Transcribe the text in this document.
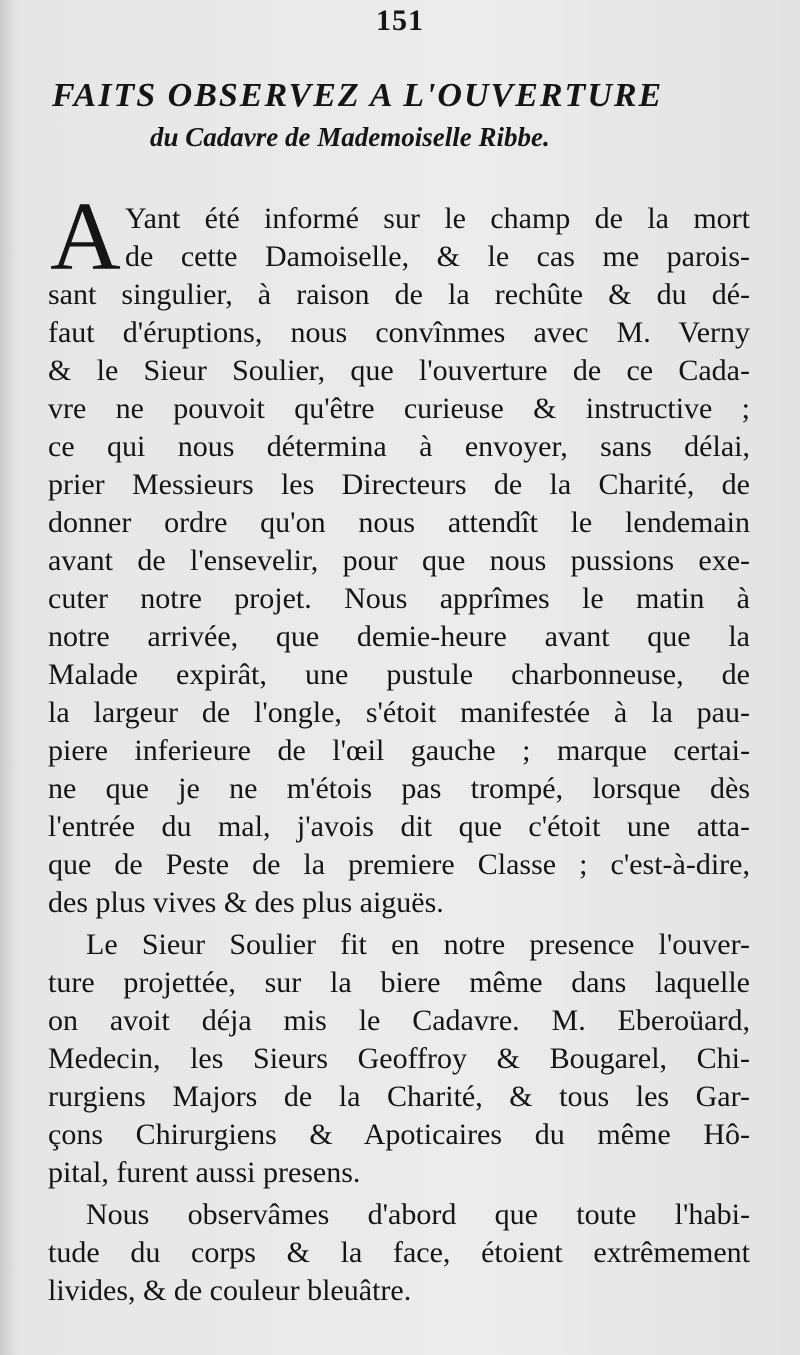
151
FAITS OBSERVEZ A L'OUVERTURE
du Cadavre de Mademoiselle Ribbe.
A Yant été informé sur le champ de la mort
de cette Damoiselle, & le cas me parois-
sant singulier, à raison de la rechûte & du dé-
faut d'éruptions, nous convînmes avec M. Verny
& le Sieur Soulier, que l'ouverture de ce Cada-
vre ne pouvoit qu'être curieuse & instructive ;
ce qui nous détermina à envoyer, sans délai,
prier Messieurs les Directeurs de la Charité, de
donner ordre qu'on nous attendît le lendemain
avant de l'ensevelir, pour que nous pussions exe-
cuter notre projet. Nous apprîmes le matin à
notre arrivée, que demie-heure avant que la
Malade expirât, une pustule charbonneuse, de
la largeur de l'ongle, s'étoit manifestée à la pau-
piere inferieure de l'œil gauche ; marque certai-
ne que je ne m'étois pas trompé, lorsque dès
l'entrée du mal, j'avois dit que c'étoit une atta-
que de Peste de la premiere Classe ; c'est-à-dire,
des plus vives & des plus aiguës.
Le Sieur Soulier fit en notre presence l'ouver-
ture projettée, sur la biere même dans laquelle
on avoit déja mis le Cadavre. M. Eberoüard,
Medecin, les Sieurs Geoffroy & Bougarel, Chi-
rurgiens Majors de la Charité, & tous les Gar-
çons Chirurgiens & Apoticaires du même Hô-
pital, furent aussi presens.
Nous observâmes d'abord que toute l'habi-
tude du corps & la face, étoient extrêmement
livides, & de couleur bleuâtre.
